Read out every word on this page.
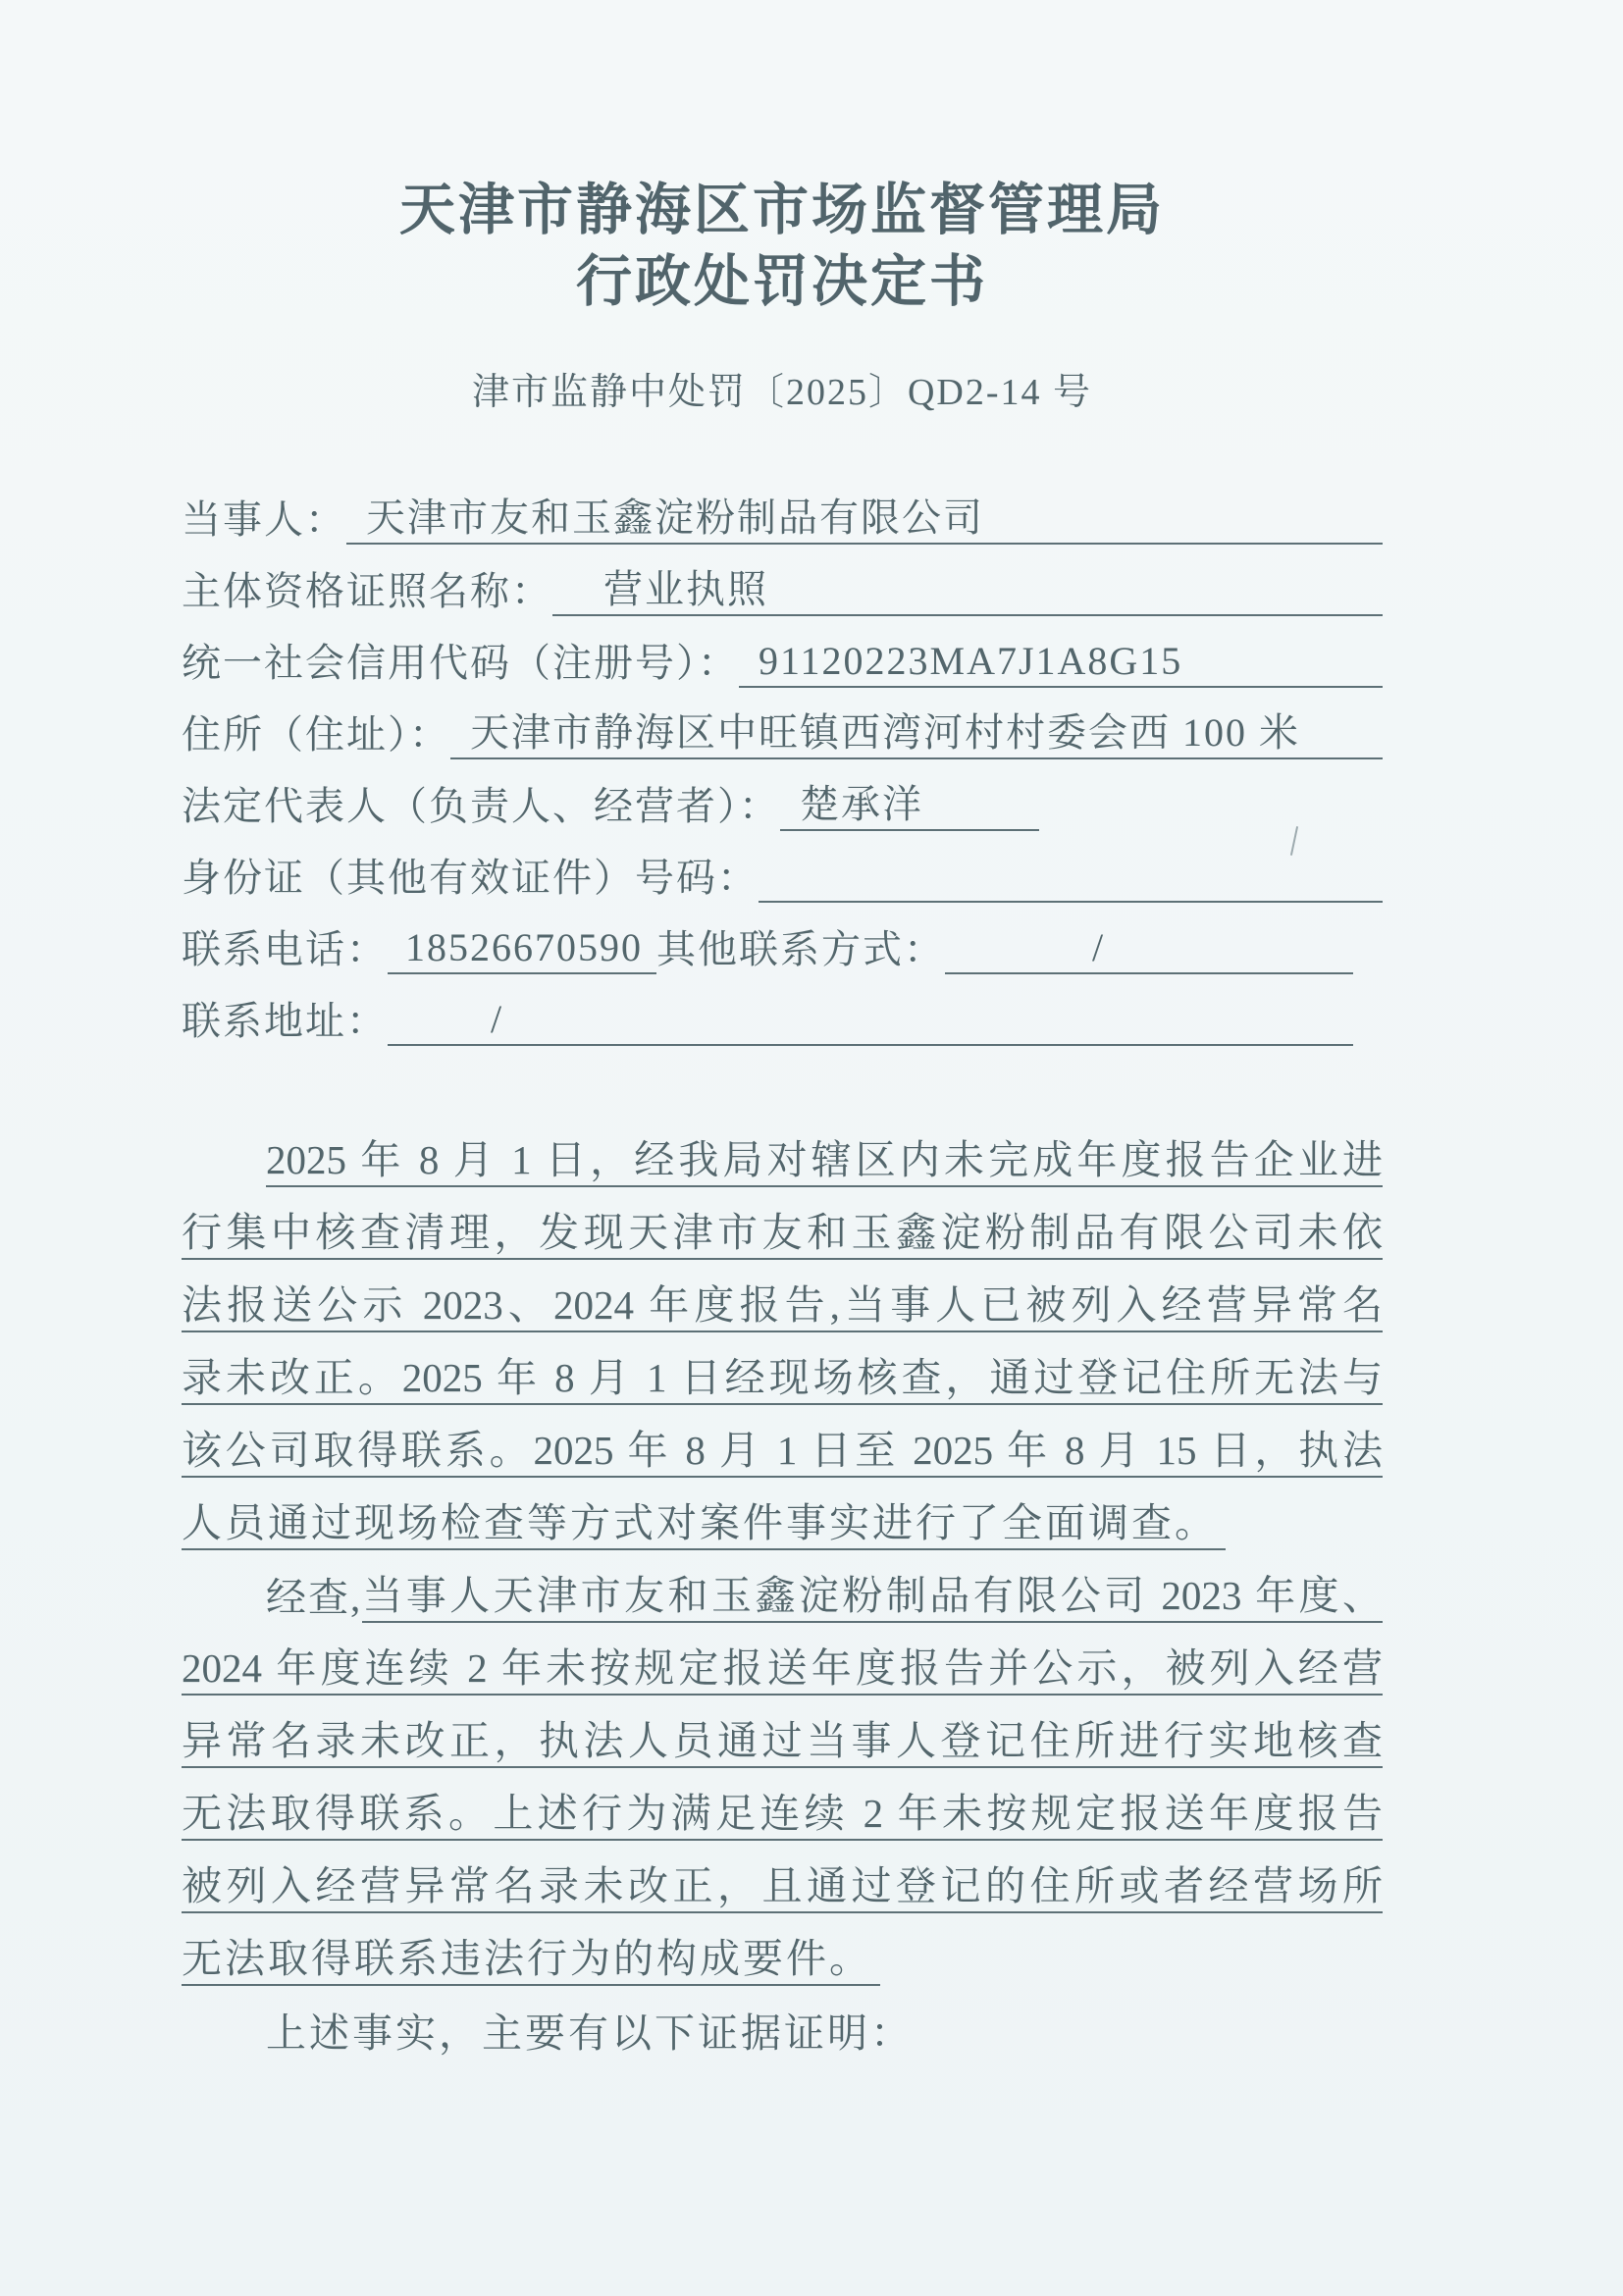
天津市静海区市场监督管理局
行政处罚决定书
津市监静中处罚〔2025〕QD2-14 号
当事人： 天津市友和玉鑫淀粉制品有限公司
主体资格证照名称：	营业执照
统一社会信用代码（注册号）： 91120223MA7J1A8G15
住所（住址）： 天津市静海区中旺镇西湾河村村委会西 100 米
法定代表人（负责人、经营者）： 楚承洋
身份证（其他有效证件）号码：
联系电话： 18526670590 其他联系方式：	/
联系地址：	/
2025 年 8 月 1 日，经我局对辖区内未完成年度报告企业进
行集中核查清理，发现天津市友和玉鑫淀粉制品有限公司未依
法报送公示 2023、2024 年度报告,当事人已被列入经营异常名
录未改正。2025 年 8 月 1 日经现场核查，通过登记住所无法与
该公司取得联系。2025 年 8 月 1 日至 2025 年 8 月 15 日，执法
人员通过现场检查等方式对案件事实进行了全面调查。
经查, 当事人天津市友和玉鑫淀粉制品有限公司 2023 年度、
2024 年度连续 2 年未按规定报送年度报告并公示，被列入经营
异常名录未改正，执法人员通过当事人登记住所进行实地核查
无法取得联系。上述行为满足连续 2 年未按规定报送年度报告
被列入经营异常名录未改正，且通过登记的住所或者经营场所
无法取得联系违法行为的构成要件。
上述事实，主要有以下证据证明：
